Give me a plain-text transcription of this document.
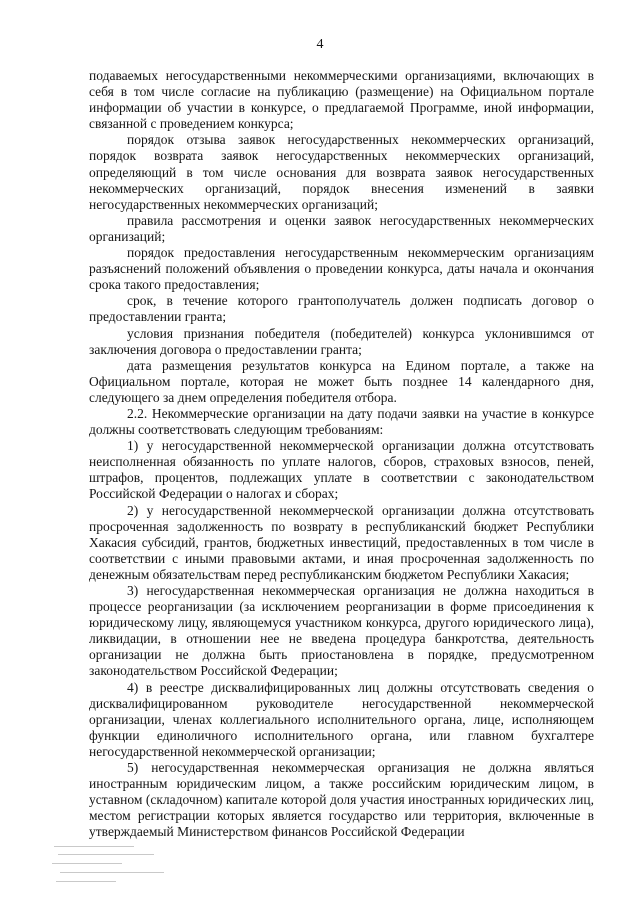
4

подаваемых негосударственными некоммерческими организациями, включающих в себя в том числе согласие на публикацию (размещение) на Официальном портале информации об участии в конкурсе, о предлагаемой Программе, иной информации, связанной с проведением конкурса;

порядок отзыва заявок негосударственных некоммерческих организаций, порядок возврата заявок негосударственных некоммерческих организаций, определяющий в том числе основания для возврата заявок негосударственных некоммерческих организаций, порядок внесения изменений в заявки негосударственных некоммерческих организаций;

правила рассмотрения и оценки заявок негосударственных некоммерческих организаций;

порядок предоставления негосударственным некоммерческим организациям разъяснений положений объявления о проведении конкурса, даты начала и окончания срока такого предоставления;

срок, в течение которого грантополучатель должен подписать договор о предоставлении гранта;

условия признания победителя (победителей) конкурса уклонившимся от заключения договора о предоставлении гранта;

дата размещения результатов конкурса на Едином портале, а также на Официальном портале, которая не может быть позднее 14 календарного дня, следующего за днем определения победителя отбора.

2.2. Некоммерческие организации на дату подачи заявки на участие в конкурсе должны соответствовать следующим требованиям:

1) у негосударственной некоммерческой организации должна отсутствовать неисполненная обязанность по уплате налогов, сборов, страховых взносов, пеней, штрафов, процентов, подлежащих уплате в соответствии с законодательством Российской Федерации о налогах и сборах;

2) у негосударственной некоммерческой организации должна отсутствовать просроченная задолженность по возврату в республиканский бюджет Республики Хакасия субсидий, грантов, бюджетных инвестиций, предоставленных в том числе в соответствии с иными правовыми актами, и иная просроченная задолженность по денежным обязательствам перед республиканским бюджетом Республики Хакасия;

3) негосударственная некоммерческая организация не должна находиться в процессе реорганизации (за исключением реорганизации в форме присоединения к юридическому лицу, являющемуся участником конкурса, другого юридического лица), ликвидации, в отношении нее не введена процедура банкротства, деятельность организации не должна быть приостановлена в порядке, предусмотренном законодательством Российской Федерации;

4) в реестре дисквалифицированных лиц должны отсутствовать сведения о дисквалифицированном руководителе негосударственной некоммерческой организации, членах коллегиального исполнительного органа, лице, исполняющем функции единоличного исполнительного органа, или главном бухгалтере негосударственной некоммерческой организации;

5) негосударственная некоммерческая организация не должна являться иностранным юридическим лицом, а также российским юридическим лицом, в уставном (складочном) капитале которой доля участия иностранных юридических лиц, местом регистрации которых является государство или территория, включенные в утверждаемый Министерством финансов Российской Федерации
